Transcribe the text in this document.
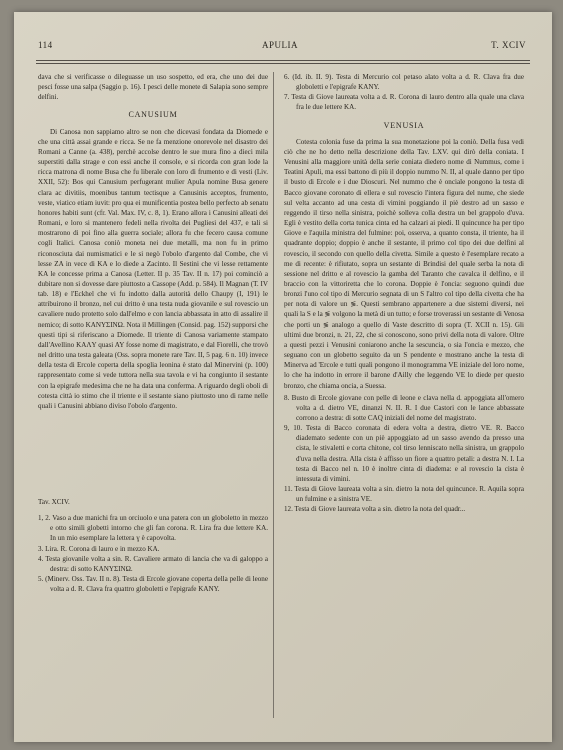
114	APULIA	T. XCIV

dava che si verificasse o dileguasse un uso sospetto, ed era, che uno dei due pesci fosse una salpa (Saggio p. 16). I pesci delle monete di Salapia sono sempre delfini.

CANUSIUM

Di Canosa non sappiamo altro se non che dicevasi fondata da Diomede e che una città assai grande e ricca. Se ne fa menzione onorevole nel disastro dei Romani a Canne (a. 438), perchè accolse dentro le sue mura fino a dieci mila superstiti dalla strage e con essi anche il console, e si ricorda con gran lode la ricca matrona di nome Busa che fu liberale con loro di frumento e di vesti (Liv. XXII, 52): Bos qui Canusium perfugerant mulier Apula nomine Busa genere clara ac divitiis, moenibus tantum tectisque a Canusinis acceptos, frumento, veste, viatico etiam iuvit: pro qua ei munificentia postea bello perfecto ab senatu honores habiti sunt (cfr. Val. Max. IV, c. 8, 1). Erano allora i Canusini alleati dei Romani, e loro si mantenero fedeli nella rivolta dei Pugliesi del 437, e tali si mostrarono di poi fino alla guerra sociale; allora fu che fecero causa comune cogli Italici. Canosa coniò moneta nei due metalli, ma non fu in primo riconosciuta dai numismatici e le si negò l'obolo d'argento dal Combe, che vi lesse ZA in vece di KA e lo diede a Zacinto. Il Sestini che vi lesse rettamente KA le concesse prima a Canosa (Letter. II p. 35 Tav. II n. 17) poi cominciò a dubitare non si dovesse dare piuttosto a Cassope (Add. p. 584). Il Magnan (T. IV tab. 18) e l'Eckhel che vi fu indotto dalla autorità dello Chaupy (I, 191) le attribuirono il bronzo, nel cui dritto è una testa nuda giovanile e sul rovescio un cavaliere nudo protetto solo dall'elmo e con lancia abbassata in atto di assalire il nemico; di sotto KANYΣINΩ. Nota il Millingen (Consid. pag. 152) supporsi che questi tipi si riferiscano a Diomede. Il triente di Canosa variamente stampato dall'Avellino KAΛY quasi AY fosse nome di magistrato, e dal Fiorelli, che trovò nel dritto una testa galeata (Oss. sopra monete rare Tav. II, 5 pag. 6 n. 10) invece della testa di Ercole coperta della spoglia leonina è stato dal Minervini (p. 100) rappresentato come si vede tuttora nella sua tavola e vi ha congiunto il sestante con la epigrafe medesima che ne ha data una conferma. A riguardo degli oboli di cotesta città io stimo che il triente e il sestante siano piuttosto uno di rame nelle quali i Canusini abbiano diviso l'obolo d'argento.

Tav. XCIV.

1, 2. Vaso a due manichi fra un orciuolo e una patera con un globoletto in mezzo e otto simili globetti intorno che gli fan corona. R. Lira fra due lettere KA. In un mio esemplare la lettera ɣ è capovolta.

3. Lira. R. Corona di lauro e in mezzo KA.

4. Testa giovanile volta a sin. R. Cavaliere armato di lancia che va di galoppo a destra: di sotto KANYΣINΩ.

5. (Minerv. Oss. Tav. II n. 8). Testa di Ercole giovane coperta della pelle di leone volta a d. R. Clava fra quattro globoletti e l'epigrafe KANY.

6. (Id. ib. II. 9). Testa di Mercurio col petaso alato volta a d. R. Clava fra due globoletti e l'epigrafe KANY.

7. Testa di Giove laureata volta a d. R. Corona di lauro dentro alla quale una clava fra le due lettere KA.

VENUSIA

Cotesta colonia fuse da prima la sua monetazione poi la coniò. Della fusa vedi ciò che ne ho detto nella descrizione della Tav. LXV. qui dirò della coniata. I Venusini alla maggiore unità della serie coniata diedero nome di Nummus, come i Teatini Apuli, ma essi battono di più il doppio nummo N. II, al quale danno per tipo il busto di Ercole e i due Dioscuri. Nel nummo che è onciale pongono la testa di Bacco giovane coronato di ellera e sul rovescio l'intera figura del nume, che siede sul velta accanto ad una cesta di vimini poggiando il piè destro ad un sasso e reggendo il tirso nella sinistra, poichè solleva colla destra un bel grappolo d'uva. Egli è vestito della corta tunica cinta ed ha calzari ai piedi. Il quincunce ha per tipo Giove e l'aquila ministra del fulmine: poi, osserva, a quanto consta, il triente, ha il quadrante doppio; doppio è anche il sestante, il primo col tipo dei due delfini al rovescio, il secondo con quello della civetta. Simile a questo è l'esemplare recato a me di recente: è rifiutato, sopra un sestante di Brindisi del quale serba la nota di sessione nel dritto e al rovescio la gamba del Taranto che cavalca il delfino, e il braccio con la vittoriretta che lo corona. Doppie è l'oncia: seguono quindi due bronzi l'uno col tipo di Mercurio segnata di un S l'altro col tipo della civetta che ha per nota di valore un ≶. Questi sembrano appartenere a due sistemi diversi, nei quali la S e la ≶ volgono la metà di un tutto; e forse troverassi un sestante di Venosa che porti un ≶ analogo a quello di Vaste descritto di sopra (T. XCII n. 15). Gli ultimi due bronzi, n. 21, 22, che si conoscono, sono privi della nota di valore. Oltre a questi pezzi i Venusini coniarono anche la sescuncia, o sia l'oncia e mezzo, che seguano con un globetto seguito da un S pendente e mostrano anche la testa di Minerva ad 'Ercole e tutti quali pongono il monogramma VE iniziale del loro nome, lo che ha indotto in errore il barone d'Ailly che leggendo VE lo diede per questo bronzo, che chiama oncia, a Suessa.

8. Busto di Ercole giovane con pelle di leone e clava nella d. appoggiata all'omero volta a d. dietro VE, dinanzi N. II. R. I due Castori con le lance abbassate corrono a destra: di sotte CAQ iniziali del nome del magistrato.

9, 10. Testa di Bacco coronata di edera volta a destra, dietro VE. R. Bacco diademato sedente con un piè appoggiato ad un sasso avendo da presso una cista, le stivaletti e corta chitone, col tirso lenniscato nella sinistra, un grappolo d'uva nella destra. Alla cista è affisso un fiore a quattro petali: a destra N. I. La testa di Bacco nel n. 10 è inoltre cinta di diadema: e al rovescio la cista è intessuta di vimini.

11. Testa di Giove laureata volta a sin. dietro la nota del quincunce. R. Aquila sopra un fulmine e a sinistra VE.

12. Testa di Giove laureata volta a sin. dietro la nota del quadr...
